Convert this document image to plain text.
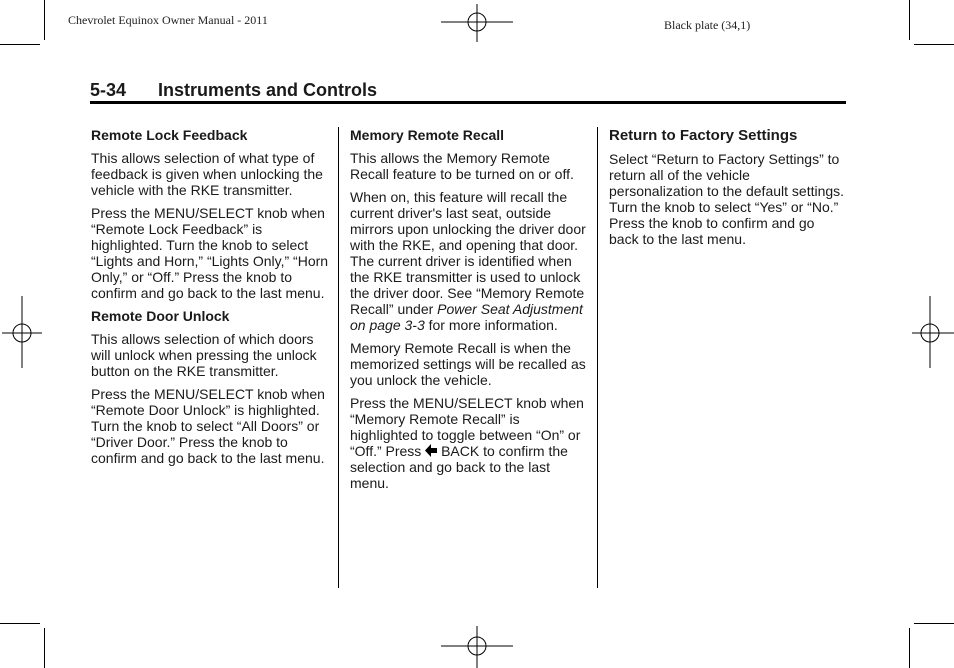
Chevrolet Equinox Owner Manual - 2011	Black plate (34,1)
5-34 Instruments and Controls
Remote Lock Feedback

This allows selection of what type of feedback is given when unlocking the vehicle with the RKE transmitter.

Press the MENU/SELECT knob when “Remote Lock Feedback” is highlighted. Turn the knob to select “Lights and Horn,” “Lights Only,” “Horn Only,” or “Off.” Press the knob to confirm and go back to the last menu.

Remote Door Unlock

This allows selection of which doors will unlock when pressing the unlock button on the RKE transmitter.

Press the MENU/SELECT knob when “Remote Door Unlock” is highlighted. Turn the knob to select “All Doors” or “Driver Door.” Press the knob to confirm and go back to the last menu.

Memory Remote Recall

This allows the Memory Remote Recall feature to be turned on or off.

When on, this feature will recall the current driver's last seat, outside mirrors upon unlocking the driver door with the RKE, and opening that door. The current driver is identified when the RKE transmitter is used to unlock the driver door. See “Memory Remote Recall” under Power Seat Adjustment on page 3-3 for more information.

Memory Remote Recall is when the memorized settings will be recalled as you unlock the vehicle.

Press the MENU/SELECT knob when “Memory Remote Recall” is highlighted to toggle between “On” or “Off.” Press  BACK to confirm the selection and go back to the last menu.

Return to Factory Settings

Select “Return to Factory Settings” to return all of the vehicle personalization to the default settings. Turn the knob to select “Yes” or “No.” Press the knob to confirm and go back to the last menu.
